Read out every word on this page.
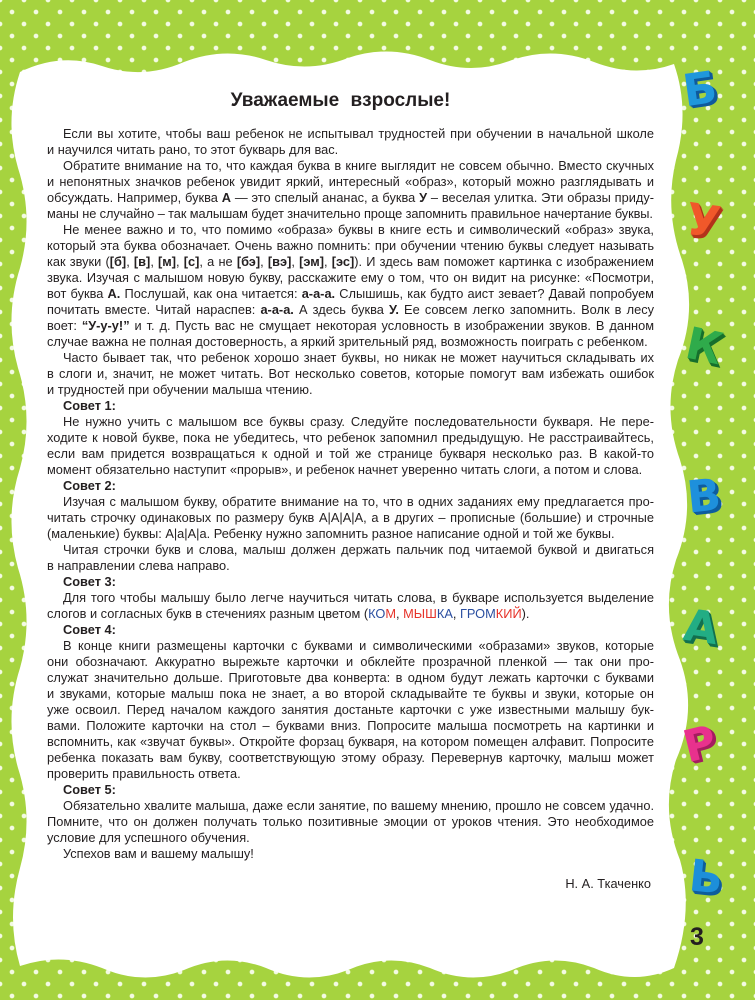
Уважаемые взрослые!
Если вы хотите, чтобы ваш ребенок не испытывал трудностей при обучении в начальной школе
и научился читать рано, то этот букварь для вас.
Обратите внимание на то, что каждая буква в книге выглядит не совсем обычно. Вместо скучных
и непонятных значков ребенок увидит яркий, интересный «образ», который можно разглядывать и
обсуждать. Например, буква А — это спелый ананас, а буква У – веселая улитка. Эти образы приду-
маны не случайно – так малышам будет значительно проще запомнить правильное начертание буквы.
Не менее важно и то, что помимо «образа» буквы в книге есть и символический «образ» звука,
который эта буква обозначает. Очень важно помнить: при обучении чтению буквы следует называть
как звуки ([б], [в], [м], [с], а не [бэ], [вэ], [эм], [эс]). И здесь вам поможет картинка с изображением
звука. Изучая с малышом новую букву, расскажите ему о том, что он видит на рисунке: «Посмотри,
вот буква А. Послушай, как она читается: а-а-а. Слышишь, как будто аист зевает? Давай попробуем
почитать вместе. Читай нараспев: а-а-а. А здесь буква У. Ее совсем легко запомнить. Волк в лесу
воет: “У-у-у!” и т. д. Пусть вас не смущает некоторая условность в изображении звуков. В данном
случае важна не полная достоверность, а яркий зрительный ряд, возможность поиграть с ребенком.
Часто бывает так, что ребенок хорошо знает буквы, но никак не может научиться складывать их
в слоги и, значит, не может читать. Вот несколько советов, которые помогут вам избежать ошибок
и трудностей при обучении малыша чтению.
Совет 1:
Не нужно учить с малышом все буквы сразу. Следуйте последовательности букваря. Не пере-
ходите к новой букве, пока не убедитесь, что ребенок запомнил предыдущую. Не расстраивайтесь,
если вам придется возвращаться к одной и той же странице букваря несколько раз. В какой-то
момент обязательно наступит «прорыв», и ребенок начнет уверенно читать слоги, а потом и слова.
Совет 2:
Изучая с малышом букву, обратите внимание на то, что в одних заданиях ему предлагается про-
читать строчку одинаковых по размеру букв А|А|А|А, а в других – прописные (большие) и строчные
(маленькие) буквы: А|а|А|а. Ребенку нужно запомнить разное написание одной и той же буквы.
Читая строчки букв и слова, малыш должен держать пальчик под читаемой буквой и двигаться
в направлении слева направо.
Совет 3:
Для того чтобы малышу было легче научиться читать слова, в букваре используется выделение
слогов и согласных букв в стечениях разным цветом (КОМ, МЫШКА, ГРОМКИЙ).
Совет 4:
В конце книги размещены карточки с буквами и символическими «образами» звуков, которые
они обозначают. Аккуратно вырежьте карточки и обклейте прозрачной пленкой — так они про-
служат значительно дольше. Приготовьте два конверта: в одном будут лежать карточки с буквами
и звуками, которые малыш пока не знает, а во второй складывайте те буквы и звуки, которые он
уже освоил. Перед началом каждого занятия достаньте карточки с уже известными малышу бук-
вами. Положите карточки на стол – буквами вниз. Попросите малыша посмотреть на картинки и
вспомнить, как «звучат буквы». Откройте форзац букваря, на котором помещен алфавит. Попросите
ребенка показать вам букву, соответствующую этому образу. Перевернув карточку, малыш может
проверить правильность ответа.
Совет 5:
Обязательно хвалите малыша, даже если занятие, по вашему мнению, прошло не совсем удачно.
Помните, что он должен получать только позитивные эмоции от уроков чтения. Это необходимое
условие для успешного обучения.
Успехов вам и вашему малышу!
Н. А. Ткаченко
Б
У
К
В
А
Р
Ь
3
